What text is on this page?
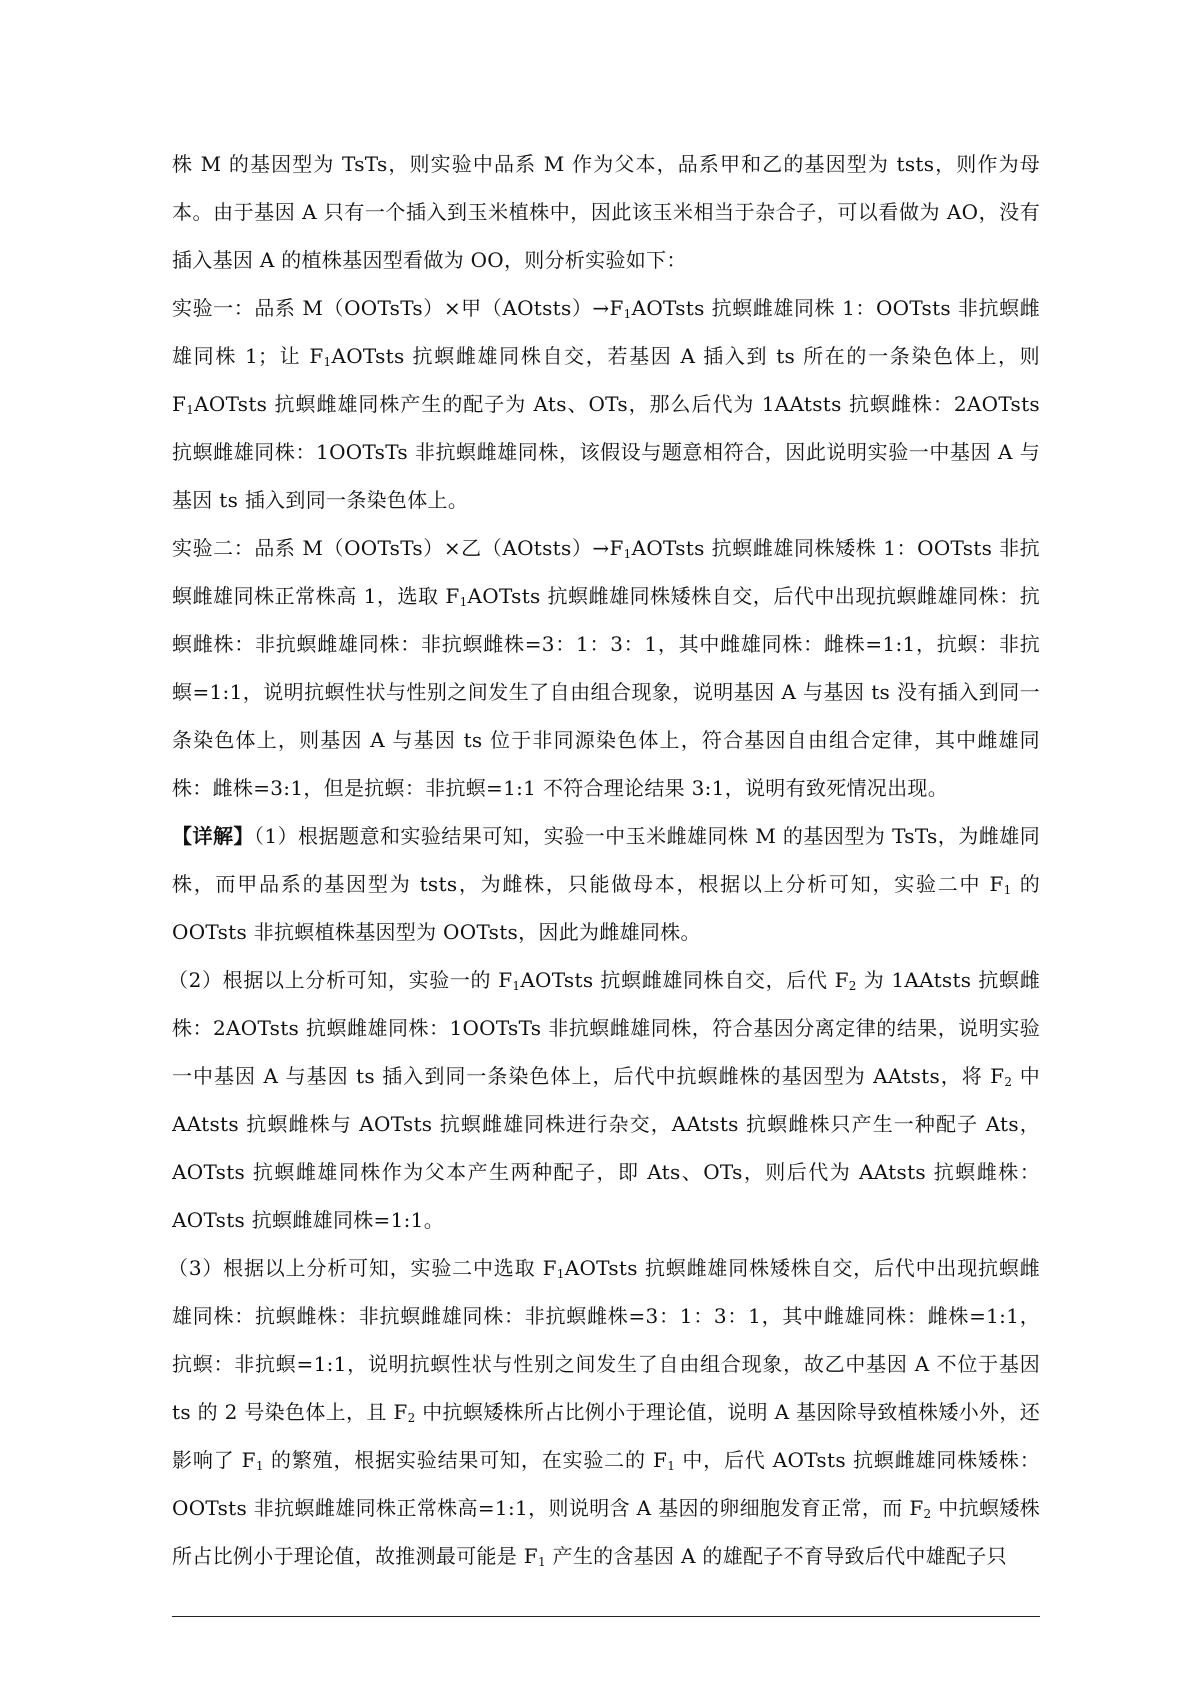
株 M 的基因型为 TsTs，则实验中品系 M 作为父本，品系甲和乙的基因型为 tsts，则作为母本。由于基因 A 只有一个插入到玉米植株中，因此该玉米相当于杂合子，可以看做为 AO，没有插入基因 A 的植株基因型看做为 OO，则分析实验如下：

实验一：品系 M（OOTsTs）×甲$(AOtsts)\to F_1AOTsts$ 抗螟雌雄同株 1：OOTsts 非抗螟雌雄同株 1；让 $F_1AOTsts$ 抗螟雌雄同株自交，若基因 A 插入到 ts 所在的一条染色体上，则 $F_1AOTsts$ 抗螟雌雄同株产生的配子为 Ats、OTs，那么后代为 1AAtsts 抗螟雌株：2AOTsts 抗螟雌雄同株：1OOTsTs 非抗螟雌雄同株，该假设与题意相符合，因此说明实验一中基因 A 与基因 ts 插入到同一条染色体上。

实验二：品系 M（OOTsTs）×乙$(AOtsts)\to F_1AOTsts$ 抗螟雌雄同株矮株 1：OOTsts 非抗螟雌雄同株正常株高 1，选取 $F_1AOTsts$ 抗螟雌雄同株矮株自交，后代中出现抗螟雌雄同株：抗螟雌株：非抗螟雌雄同株：非抗螟雌株=3：1：3：1，其中雌雄同株：雌株=1:1，抗螟：非抗螟=1:1，说明抗螟性状与性别之间发生了自由组合现象，说明基因 A 与基因 ts 没有插入到同一条染色体上，则基因 A 与基因 ts 位于非同源染色体上，符合基因自由组合定律，其中雌雄同株：雌株=3:1，但是抗螟：非抗螟=1:1 不符合理论结果 3:1，说明有致死情况出现。

【详解】（1）根据题意和实验结果可知，实验一中玉米雌雄同株 M 的基因型为 TsTs，为雌雄同株，而甲品系的基因型为 tsts，为雌株，只能做母本，根据以上分析可知，实验二中 $F_1$ 的 OOTsts 非抗螟植株基因型为 OOTsts，因此为雌雄同株。

（2）根据以上分析可知，实验一的 $F_1AOTsts$ 抗螟雌雄同株自交，后代 $F_2$ 为 1AAtsts 抗螟雌株：2AOTsts 抗螟雌雄同株：1OOTsTs 非抗螟雌雄同株，符合基因分离定律的结果，说明实验一中基因 A 与基因 ts 插入到同一条染色体上，后代中抗螟雌株的基因型为 AAtsts，将 $F_2$ 中 AAtsts 抗螟雌株与 AOTsts 抗螟雌雄同株进行杂交，AAtsts 抗螟雌株只产生一种配子 Ats，AOTsts 抗螟雌雄同株作为父本产生两种配子，即 Ats、OTs，则后代为 AAtsts 抗螟雌株：AOTsts 抗螟雌雄同株=1:1。

（3）根据以上分析可知，实验二中选取 $F_1AOTsts$ 抗螟雌雄同株矮株自交，后代中出现抗螟雌雄同株：抗螟雌株：非抗螟雌雄同株：非抗螟雌株=3：1：3：1，其中雌雄同株：雌株=1:1，抗螟：非抗螟=1:1，说明抗螟性状与性别之间发生了自由组合现象，故乙中基因 A 不位于基因 ts 的 2 号染色体上，且 $F_2$ 中抗螟矮株所占比例小于理论值，说明 A 基因除导致植株矮小外，还影响了 $F_1$ 的繁殖，根据实验结果可知，在实验二的 $F_1$ 中，后代 AOTsts 抗螟雌雄同株矮株：OOTsts 非抗螟雌雄同株正常株高=1:1，则说明含 A 基因的卵细胞发育正常，而 $F_2$ 中抗螟矮株所占比例小于理论值，故推测最可能是 $F_1$ 产生的含基因 A 的雄配子不育导致后代中雄配子只
